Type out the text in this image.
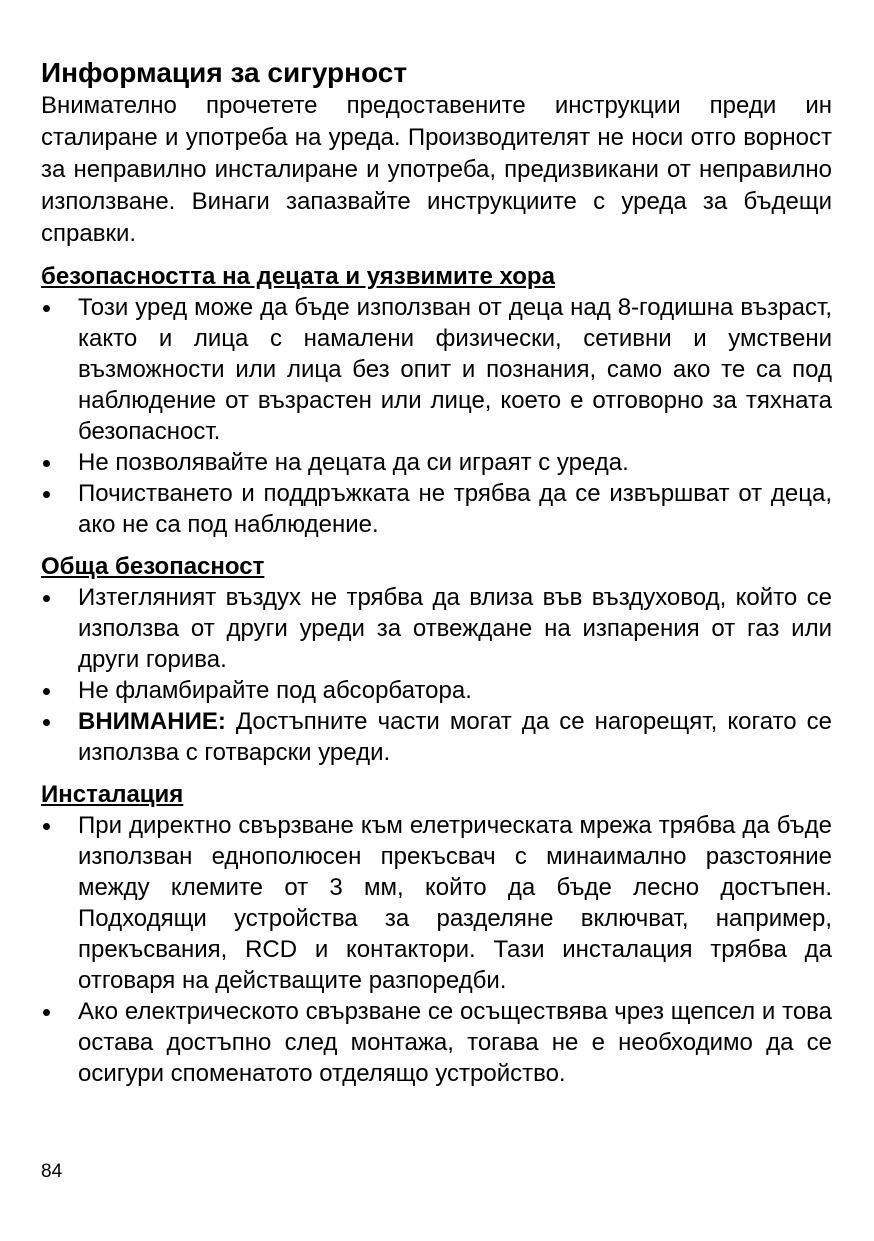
Информация за сигурност

Внимателно прочетете предоставените инструкции преди ин сталиране и употреба на уреда. Производителят не носи отго ворност за неправилно инсталиране и употреба, предизвикани от неправилно използване. Винаги запазвайте инструкциите с уреда за бъдещи справки.

безопасността на децата и уязвимите хора
Този уред може да бъде използван от деца над 8-годишна възраст, както и лица с намалени физически, сетивни и умствени възможности или лица без опит и познания, само ако те са под наблюдение от възрастен или лице, което е отговорно за тяхната безопасност.
Не позволявайте на децата да си играят с уреда.
Почистването и поддръжката не трябва да се извършват от деца, ако не са под наблюдение.
Обща безопасност
Изтегляният въздух не трябва да влиза във въздуховод, който се използва от други уреди за отвеждане на изпарения от газ или други горива.
Не фламбирайте под абсорбатора.
ВНИМАНИЕ: Достъпните части могат да се нагорещят, когато се използва с готварски уреди.
Инсталация
При директно свързване към елетрическата мрежа трябва да бъде използван еднополюсен прекъсвач с минаимално разстояние между клемите от 3 мм, който да бъде лесно достъпен. Подходящи устройства за разделяне включват, например, прекъсвания, RCD и контактори. Тази инсталация трябва да отговаря на действащите разпоредби.
Ако електрическото свързване се осъществява чрез щепсел и това остава достъпно след монтажа, тогава не е необходимо да се осигури споменатото отделящо устройство.
84
